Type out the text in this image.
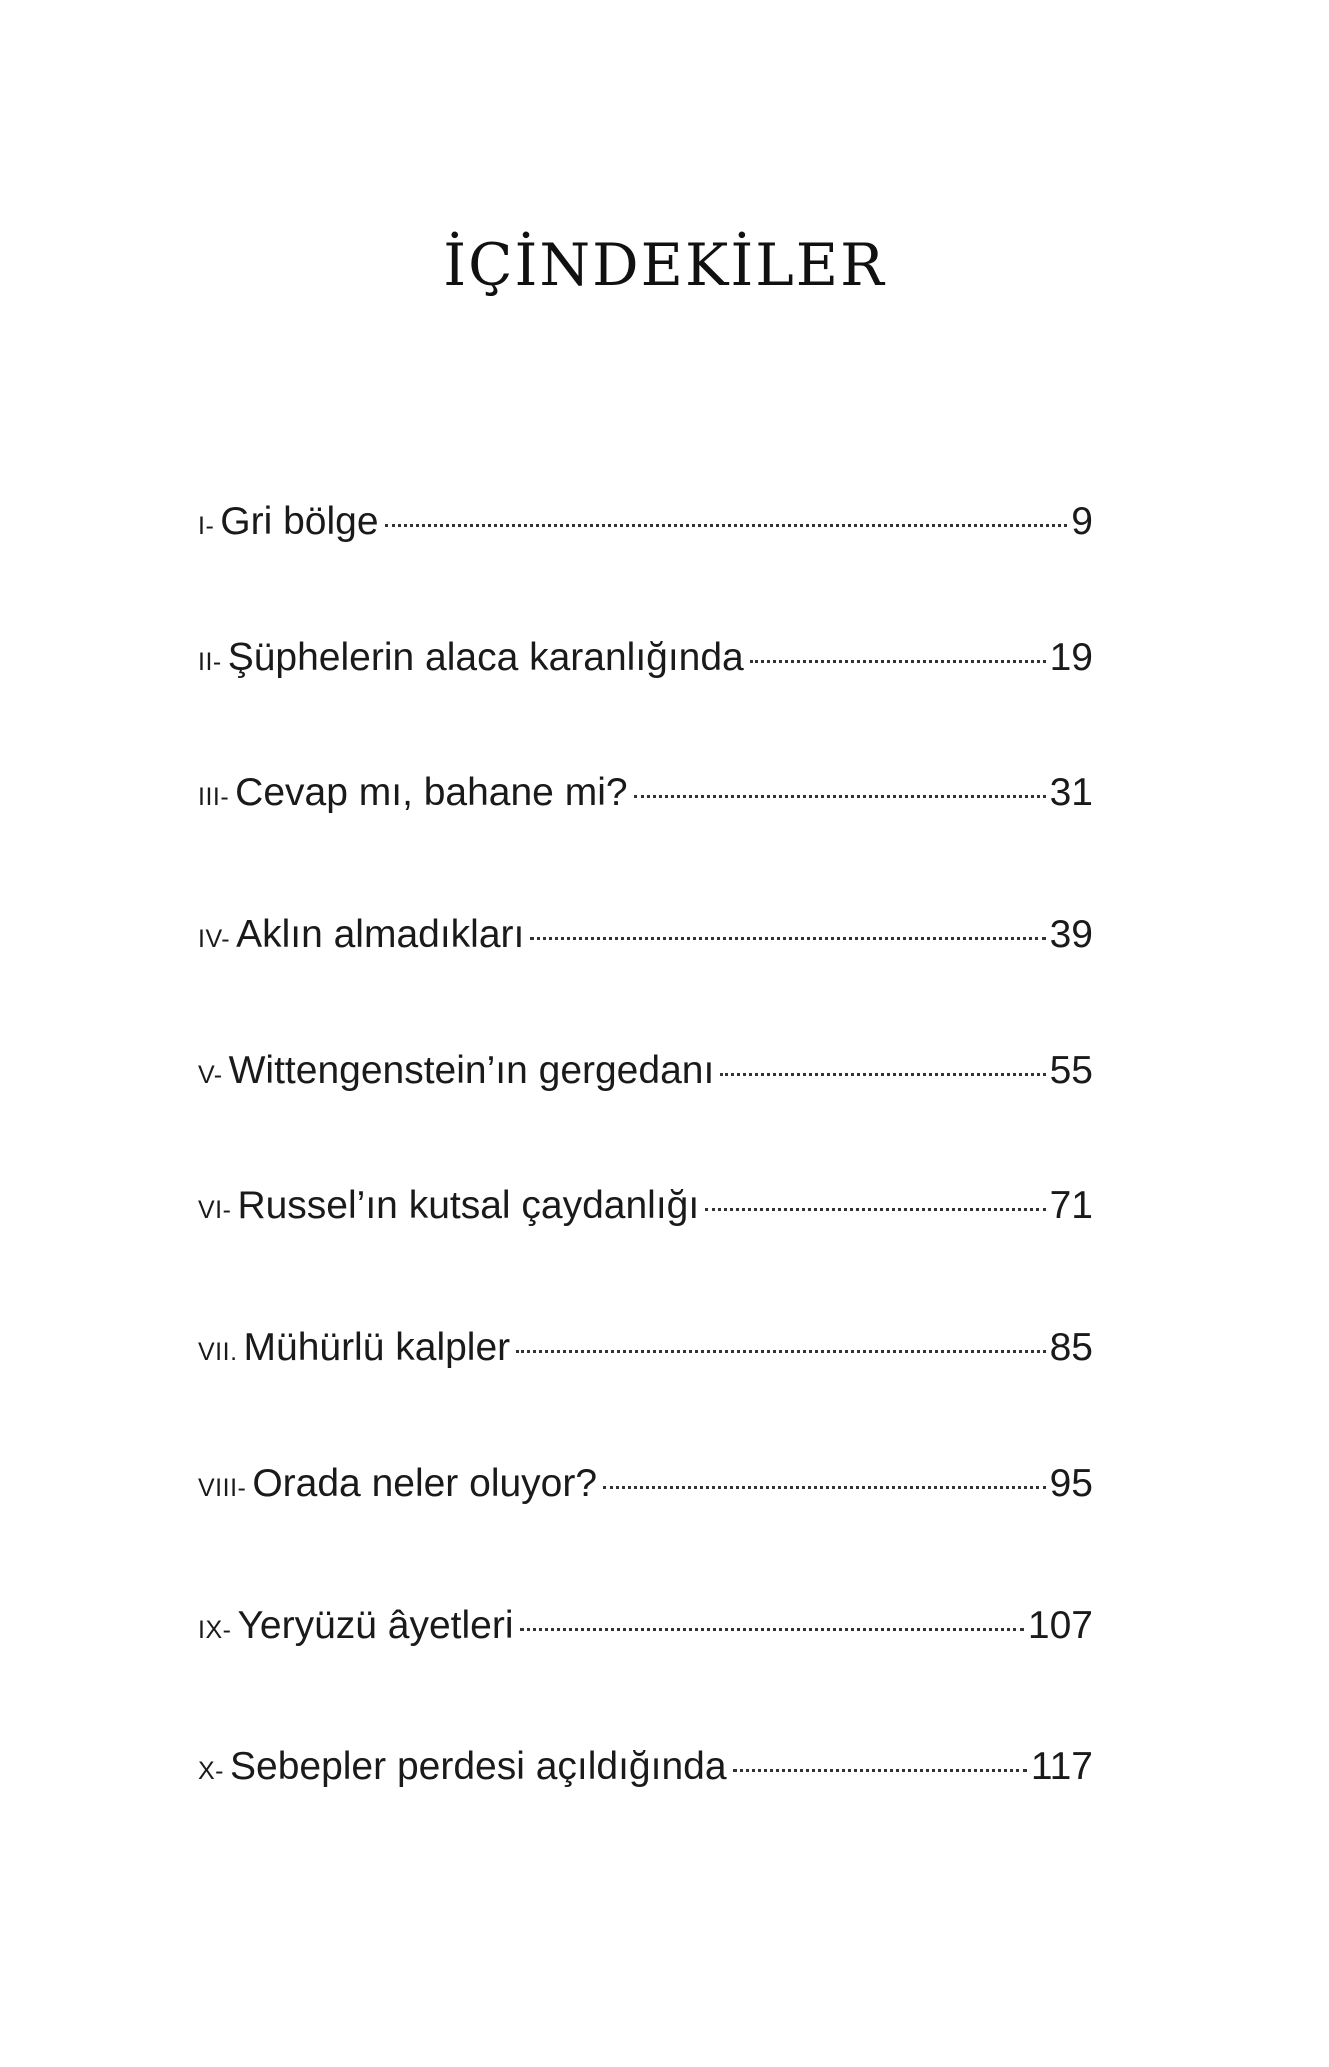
İÇİNDEKİLER
I- Gri bölge	9
II- Şüphelerin alaca karanlığında	19
III- Cevap mı, bahane mi?	31
IV- Aklın almadıkları	39
V- Wittengenstein’ın gergedanı	55
VI- Russel’ın kutsal çaydanlığı	71
VII. Mühürlü kalpler	85
VIII- Orada neler oluyor?	95
IX- Yeryüzü âyetleri	107
X- Sebepler perdesi açıldığında	117
